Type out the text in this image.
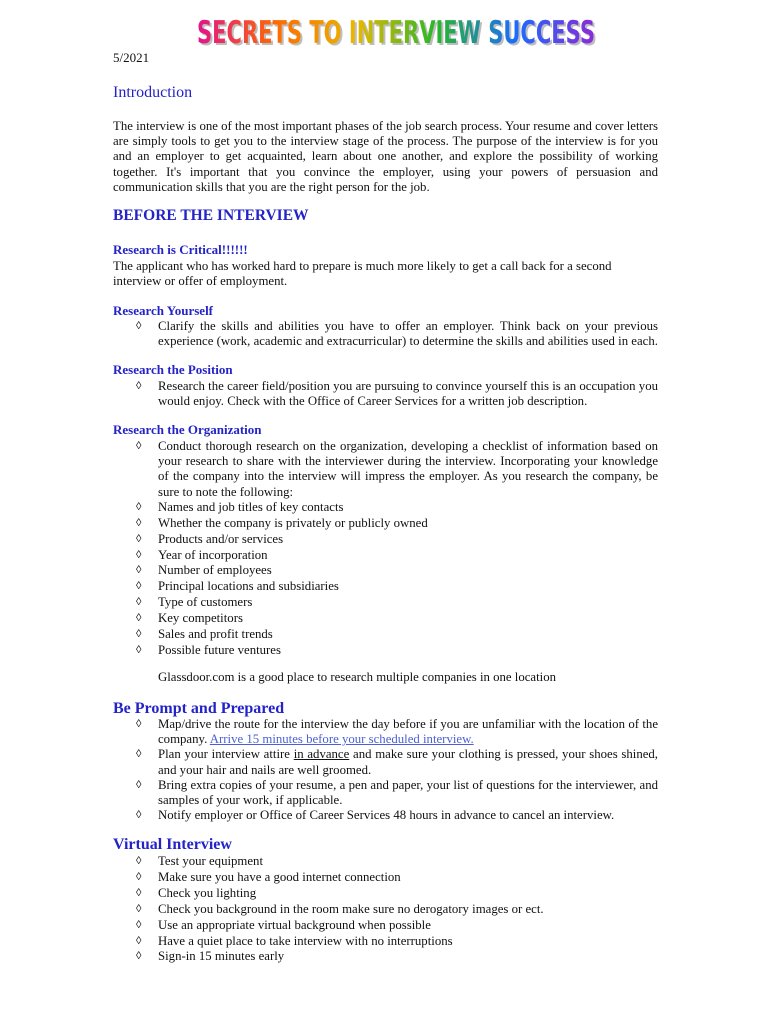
SECRETS TO INTERVIEW SUCCESS
SECRETS TO INTERVIEW SUCCESS
5/2021
Introduction
The interview is one of the most important phases of the job search process. Your resume and cover letters are simply tools to get you to the interview stage of the process. The purpose of the interview is for you and an employer to get acquainted, learn about one another, and explore the possibility of working together. It's important that you convince the employer, using your powers of persuasion and communication skills that you are the right person for the job.
BEFORE THE INTERVIEW
Research is Critical!!!!!!
The applicant who has worked hard to prepare is much more likely to get a call back for a second interview or offer of employment.
Research Yourself
◊ Clarify the skills and abilities you have to offer an employer. Think back on your previous experience (work, academic and extracurricular) to determine the skills and abilities used in each.
Research the Position
◊ Research the career field/position you are pursuing to convince yourself this is an occupation you would enjoy. Check with the Office of Career Services for a written job description.
Research the Organization
◊ Conduct thorough research on the organization, developing a checklist of information based on your research to share with the interviewer during the interview. Incorporating your knowledge of the company into the interview will impress the employer. As you research the company, be sure to note the following:
◊ Names and job titles of key contacts
◊ Whether the company is privately or publicly owned
◊ Products and/or services
◊ Year of incorporation
◊ Number of employees
◊ Principal locations and subsidiaries
◊ Type of customers
◊ Key competitors
◊ Sales and profit trends
◊ Possible future ventures
Glassdoor.com is a good place to research multiple companies in one location
Be Prompt and Prepared
◊ Map/drive the route for the interview the day before if you are unfamiliar with the location of the company. Arrive 15 minutes before your scheduled interview.
◊ Plan your interview attire in advance and make sure your clothing is pressed, your shoes shined, and your hair and nails are well groomed.
◊ Bring extra copies of your resume, a pen and paper, your list of questions for the interviewer, and samples of your work, if applicable.
◊ Notify employer or Office of Career Services 48 hours in advance to cancel an interview.
Virtual Interview
◊ Test your equipment
◊ Make sure you have a good internet connection
◊ Check you lighting
◊ Check you background in the room make sure no derogatory images or ect.
◊ Use an appropriate virtual background when possible
◊ Have a quiet place to take interview with no interruptions
◊ Sign-in 15 minutes early
